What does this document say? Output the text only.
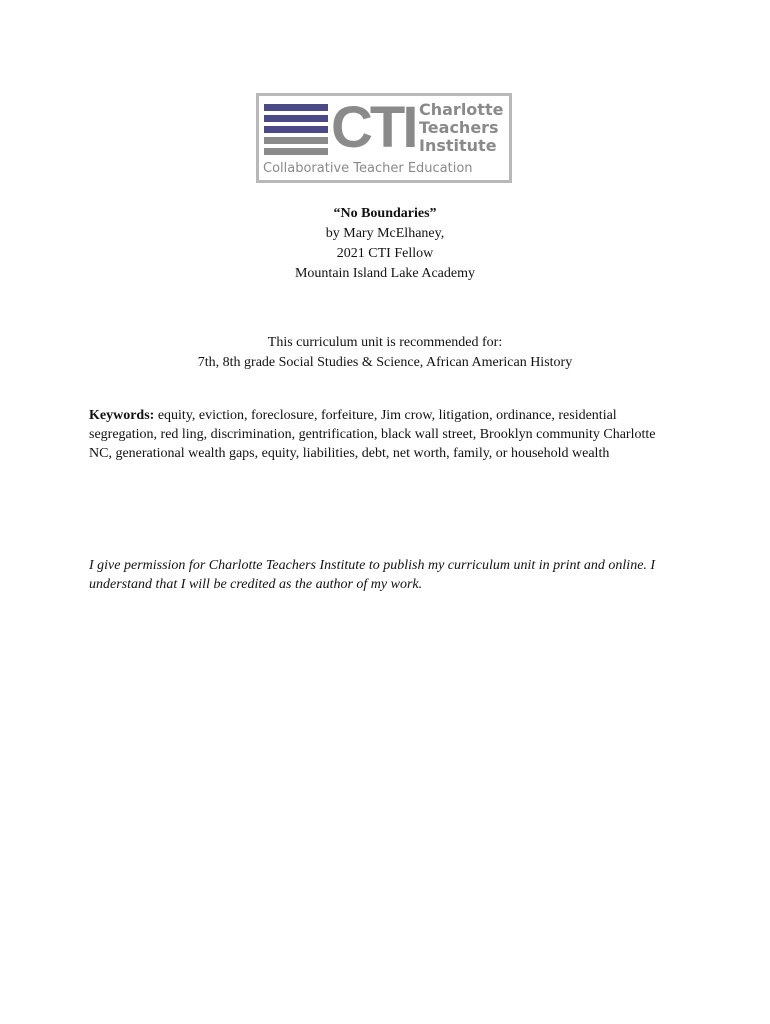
CTI Charlotte
Teachers
Institute
Collaborative Teacher Education
“No Boundaries”
by Mary McElhaney,
2021 CTI Fellow
Mountain Island Lake Academy
This curriculum unit is recommended for:
7th, 8th grade Social Studies & Science, African American History
Keywords: equity, eviction, foreclosure, forfeiture, Jim crow, litigation, ordinance, residential segregation, red ling, discrimination, gentrification, black wall street, Brooklyn community Charlotte NC, generational wealth gaps, equity, liabilities, debt, net worth, family, or household wealth
I give permission for Charlotte Teachers Institute to publish my curriculum unit in print and online. I understand that I will be credited as the author of my work.
